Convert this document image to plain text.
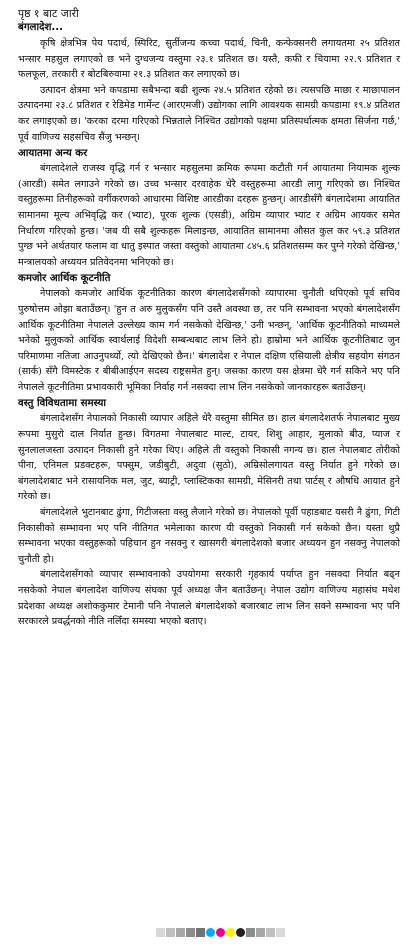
पृष्ठ १ बाट जारी
बंगलादेश...

कृषि क्षेत्रभित्र पेय पदार्थ, स्पिरिट, सुर्तीजन्य कच्चा पदार्थ, चिनी, कन्फेक्सनरी लगायतमा २५ प्रतिशत भन्सार महसुल लगाएको छ भने दुग्धजन्य वस्तुमा २३.१ प्रतिशत छ। यस्तै, कफी र चियामा २२.९ प्रतिशत र फलफूल, तरकारी र बोटबिरुवामा २१.३ प्रतिशत कर लगाएको छ।

उत्पादन क्षेत्रमा भने कपडामा सबैभन्दा बढी शुल्क २४.५ प्रतिशत रहेको छ। त्यसपछि माछा र माछापालन उत्पादनमा २३.८ प्रतिशत र रेडिमेड गार्मेन्ट (आरएमजी) उद्योगका लागि आवश्यक सामग्री कपडामा १९.४ प्रतिशत कर लगाइएको छ। 'करका दरमा गरिएको भिन्नताले निश्चित उद्योगको पक्षमा प्रतिस्पर्धात्मक क्षमता सिर्जना गर्छ,' पूर्व वाणिज्य सहसचिव सैंजु भन्छन्।

आयातमा अन्य कर

बंगलादेशले राजस्व वृद्धि गर्न र भन्सार महसुलमा क्रमिक रूपमा कटौती गर्न आयातमा नियामक शुल्क (आरडी) समेत लगाउने गरेको छ। उच्च भन्सार दरवाहेक धेरै वस्तुहरूमा आरडी लागु गरिएको छ। निश्चित वस्तुहरूमा तिनीहरूको वर्गीकरणको आधारमा विशिष्ट आरडीका दरहरू हुन्छन्। आरडीसँगै बंगलादेशमा आयातित सामानमा मूल्य अभिवृद्धि कर (भ्याट), पूरक शुल्क (एसडी), अग्रिम व्यापार भ्याट र अग्रिम आयकर समेत निर्धारण गरिएको हुन्छ। 'जब यी सबै शुल्कहरू मिलाइन्छ, आयातित सामानमा औसत कुल कर ५९.३ प्रतिशत पुग्छ भने अर्थतयार फलाम वा धातु इस्पात जस्ता वस्तुको आयातमा ८४५.६ प्रतिशतसम्म कर पुग्ने गरेको देखिन्छ,' मन्त्रालयको अध्ययन प्रतिवेदनमा भनिएको छ।

कमजोर आर्थिक कूटनीति

नेपालको कमजोर आर्थिक कूटनीतिका कारण बंगलादेशसँगको व्यापारमा चुनौती थपिएको पूर्व सचिव पुरुषोत्तम ओझा बताउँछन्। 'हुन त अरु मुलुकसँग पनि उस्तै अवस्था छ, तर पनि सम्भावना भएको बंगलादेशसँग आर्थिक कूटनीतिमा नेपालले उल्लेख्य काम गर्न नसकेको देखिन्छ,' उनी भन्छन्, 'आर्थिक कूटनीतिको माध्यमले भनेको मुलुकको आर्थिक स्वार्थलाई विदेशी सम्बन्धबाट लाभ लिने हो। हाम्रोमा भने आर्थिक कूटनीतिबाट जुन परिमाणमा नतिजा आउनुपर्थ्यो, त्यो देखिएको छैन।' बंगलादेश र नेपाल दक्षिण एसियाली क्षेत्रीय सहयोग संगठन (सार्क) सँगै विमस्टेक र बीबीआईएन सदस्य राष्ट्रसमेत हुन्। जसका कारण यस क्षेत्रमा धेरै गर्न सकिने भए पनि नेपालले कूटनीतिमा प्रभावकारी भूमिका निर्वाह गर्न नसक्दा लाभ लिन नसकेको जानकारहरू बताउँछन्।

वस्तु विविधतामा समस्या

बंगलादेशसँग नेपालको निकासी व्यापार अहिले धेरै वस्तुमा सीमित छ। हाल बंगलादेशतर्फ नेपालबाट मुख्य रूपमा मुसुरो दाल निर्यात हुन्छ। विगतमा नेपालबाट माल्ट, टायर, शिशु आहार, मुलाको बीउ, प्याज र सुनलालजस्ता उत्पादन निकासी हुने गरेका थिए। अहिले ती वस्तुको निकासी नगन्य छ। हाल नेपालबाट तोरीको पीना, एनिमल प्रडक्टहरू, पफ्सुम, जडीबुटी, अदुवा (सुठो), अम्रिसोलगायत वस्तु निर्यात हुने गरेको छ। बंगलादेशबाट भने रासायनिक मल, जुट, ब्याट्री, प्लास्टिकका सामग्री, मेसिनरी तथा पार्टस् र औषधि आयात हुने गरेको छ।

बंगलादेशले भुटानबाट ढुंगा, गिटीजस्ता वस्तु लैजाने गरेको छ। नेपालको पूर्वी पहाडबाट यसरी नै ढुंगा, गिटी निकासीको सम्भावना भए पनि नीतिगत भमेलाका कारण यी वस्तुको निकासी गर्न सकेको छैन। यस्ता थुप्रै सम्भावना भएका वस्तुहरूको पहिचान हुन नसक्नु र खासगरी बंगलादेशको बजार अध्ययन हुन नसक्नु नेपालको चुनौती हो।

बंगलादेशसँगको व्यापार सम्भावनाको उपयोगमा सरकारी गृहकार्य पर्याप्त हुन नसक्दा निर्यात बढ्न नसकेको नेपाल बंगलादेश वाणिज्य संघका पूर्व अध्यक्ष जैन बताउँछन्। नेपाल उद्योग वाणिज्य महासंघ मधेश प्रदेशका अध्यक्ष अशोककुमार टेमानी पनि नेपालले बंगलादेशको बजारबाट लाभ लिन सक्ने सम्भावना भए पनि सरकारले प्रवर्द्धनको नीति नलिँदा समस्या भएको बताए।
